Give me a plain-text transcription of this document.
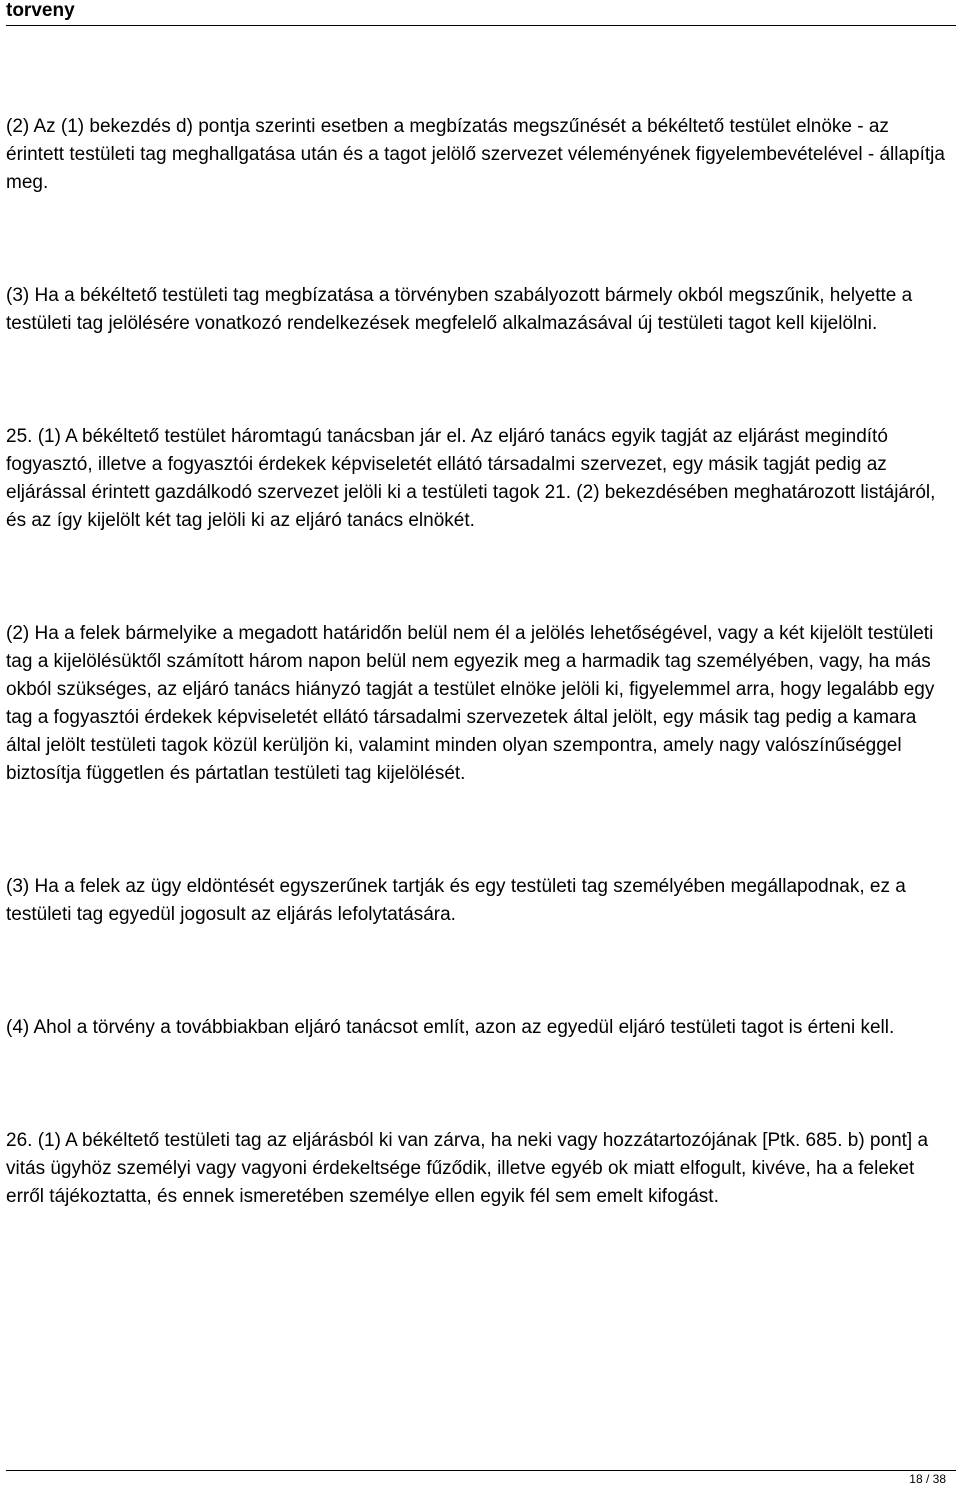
torveny

(2) Az (1) bekezdés d) pontja szerinti esetben a megbízatás megszűnését a békéltető testület elnöke - az érintett testületi tag meghallgatása után és a tagot jelölő szervezet véleményének figyelembevételével - állapítja meg.

(3) Ha a békéltető testületi tag megbízatása a törvényben szabályozott bármely okból megszűnik, helyette a testületi tag jelölésére vonatkozó rendelkezések megfelelő alkalmazásával új testületi tagot kell kijelölni.

25. (1) A békéltető testület háromtagú tanácsban jár el. Az eljáró tanács egyik tagját az eljárást megindító fogyasztó, illetve a fogyasztói érdekek képviseletét ellátó társadalmi szervezet, egy másik tagját pedig az eljárással érintett gazdálkodó szervezet jelöli ki a testületi tagok 21. (2) bekezdésében meghatározott listájáról, és az így kijelölt két tag jelöli ki az eljáró tanács elnökét.

(2) Ha a felek bármelyike a megadott határidőn belül nem él a jelölés lehetőségével, vagy a két kijelölt testületi tag a kijelölésüktől számított három napon belül nem egyezik meg a harmadik tag személyében, vagy, ha más okból szükséges, az eljáró tanács hiányzó tagját a testület elnöke jelöli ki, figyelemmel arra, hogy legalább egy tag a fogyasztói érdekek képviseletét ellátó társadalmi szervezetek által jelölt, egy másik tag pedig a kamara által jelölt testületi tagok közül kerüljön ki, valamint minden olyan szempontra, amely nagy valószínűséggel biztosítja független és pártatlan testületi tag kijelölését.

(3) Ha a felek az ügy eldöntését egyszerűnek tartják és egy testületi tag személyében megállapodnak, ez a testületi tag egyedül jogosult az eljárás lefolytatására.

(4) Ahol a törvény a továbbiakban eljáró tanácsot említ, azon az egyedül eljáró testületi tagot is érteni kell.

26. (1) A békéltető testületi tag az eljárásból ki van zárva, ha neki vagy hozzátartozójának [Ptk. 685. b) pont] a vitás ügyhöz személyi vagy vagyoni érdekeltsége fűződik, illetve egyéb ok miatt elfogult, kivéve, ha a feleket erről tájékoztatta, és ennek ismeretében személye ellen egyik fél sem emelt kifogást.

18 / 38
